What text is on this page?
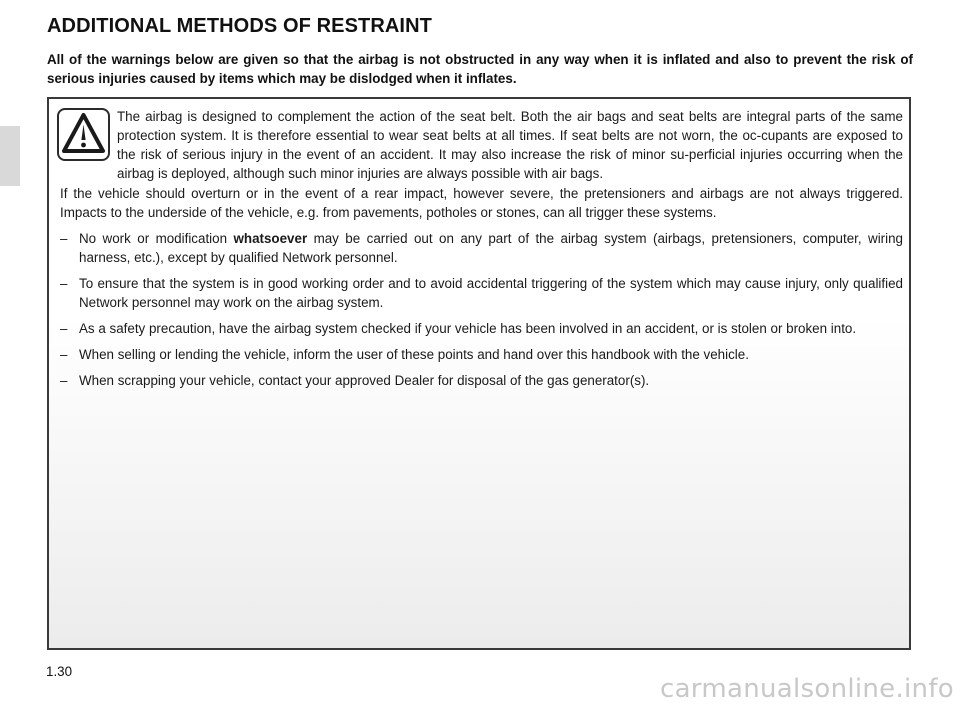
ADDITIONAL METHODS OF RESTRAINT

All of the warnings below are given so that the airbag is not obstructed in any way when it is inflated and also to prevent the risk of serious injuries caused by items which may be dislodged when it inflates.

The airbag is designed to complement the action of the seat belt. Both the air bags and seat belts are integral parts of the same protection system. It is therefore essential to wear seat belts at all times. If seat belts are not worn, the oc-cupants are exposed to the risk of serious injury in the event of an accident. It may also increase the risk of minor su-perficial injuries occurring when the airbag is deployed, although such minor injuries are always possible with air bags.

If the vehicle should overturn or in the event of a rear impact, however severe, the pretensioners and airbags are not always triggered. Impacts to the underside of the vehicle, e.g. from pavements, potholes or stones, can all trigger these systems.

– No work or modification whatsoever may be carried out on any part of the airbag system (airbags, pretensioners, computer, wiring harness, etc.), except by qualified Network personnel.
– To ensure that the system is in good working order and to avoid accidental triggering of the system which may cause injury, only qualified Network personnel may work on the airbag system.
– As a safety precaution, have the airbag system checked if your vehicle has been involved in an accident, or is stolen or broken into.
– When selling or lending the vehicle, inform the user of these points and hand over this handbook with the vehicle.
– When scrapping your vehicle, contact your approved Dealer for disposal of the gas generator(s).
1.30
carmanualsonline.info
